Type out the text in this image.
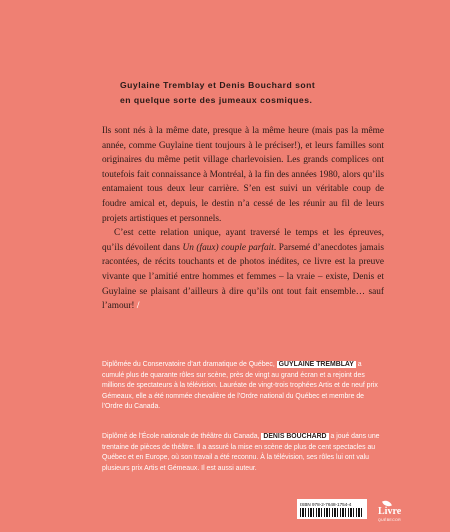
Guylaine Tremblay et Denis Bouchard sont
en quelque sorte des jumeaux cosmiques.

Ils sont nés à la même date, presque à la même heure (mais pas la même année, comme Guylaine tient toujours à le préciser!), et leurs familles sont originaires du même petit village charlevoisien. Les grands complices ont toutefois fait connaissance à Montréal, à la fin des années 1980, alors qu’ils entamaient tous deux leur carrière. S’en est suivi un véritable coup de foudre amical et, depuis, le destin n’a cessé de les réunir au fil de leurs projets artistiques et personnels.

C’est cette relation unique, ayant traversé le temps et les épreuves, qu’ils dévoilent dans Un (faux) couple parfait. Parsemé d’anecdotes jamais racontées, de récits touchants et de photos inédites, ce livre est la preuve vivante que l’amitié entre hommes et femmes – la vraie – existe, Denis et Guylaine se plaisant d’ailleurs à dire qu’ils ont tout fait ensemble… sauf l’amour! /

Diplômée du Conservatoire d’art dramatique de Québec, GUYLAINE TREMBLAY a cumulé plus de quarante rôles sur scène, près de vingt au grand écran et a rejoint des millions de spectateurs à la télévision. Lauréate de vingt-trois trophées Artis et de neuf prix Gémeaux, elle a été nommée chevalière de l’Ordre national du Québec et membre de l’Ordre du Canada.
Diplômé de l’École nationale de théâtre du Canada, DENIS BOUCHARD a joué dans une trentaine de pièces de théâtre. Il a assuré la mise en scène de plus de cent spectacles au Québec et en Europe, où son travail a été reconnu. À la télévision, ses rôles lui ont valu plusieurs prix Artis et Gémeaux. Il est aussi auteur.
ISBN 978-2-7648-1754-4
Livre
QUÉBECOR
